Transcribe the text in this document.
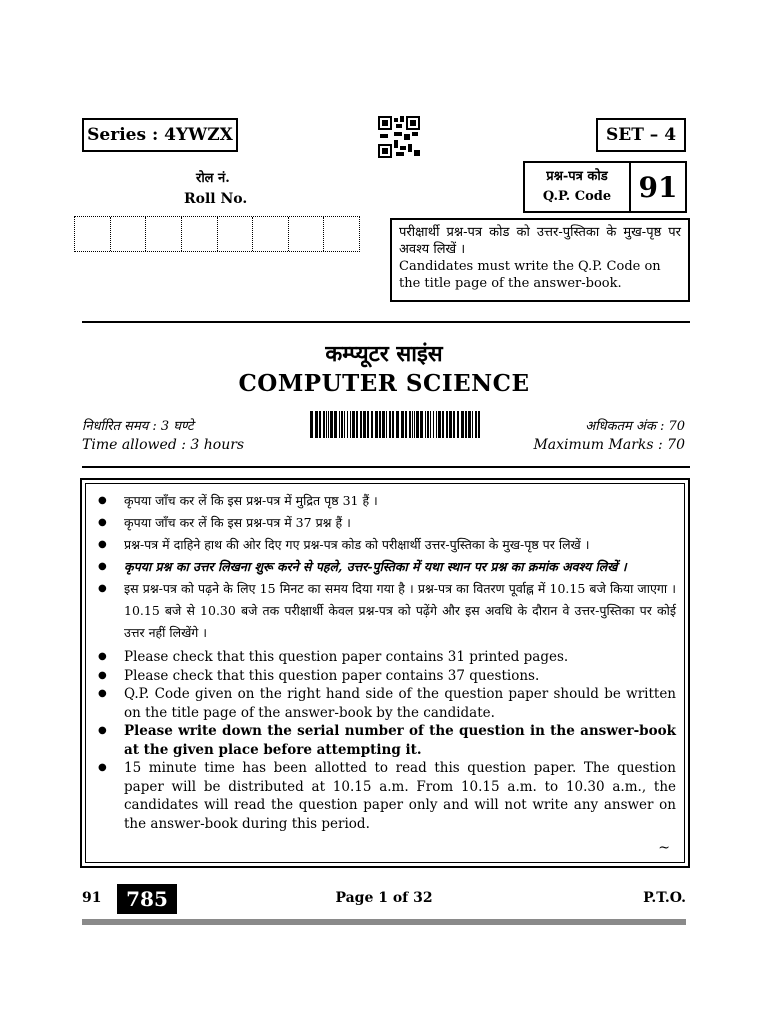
Series : 4YWZX	SET – 4
रोल नं.
Roll No.
प्रश्न-पत्र कोड
Q.P. Code 91
परीक्षार्थी प्रश्न-पत्र कोड को उत्तर-पुस्तिका के मुख-पृष्ठ पर अवश्य लिखें ।
Candidates must write the Q.P. Code on the title page of the answer-book.
कम्प्यूटर साइंस
COMPUTER SCIENCE
निर्धारित समय : 3 घण्टे
Time allowed : 3 hours
अधिकतम अंक : 70
Maximum Marks : 70
● कृपया जाँच कर लें कि इस प्रश्न-पत्र में मुद्रित पृष्ठ 31 हैं ।
● कृपया जाँच कर लें कि इस प्रश्न-पत्र में 37 प्रश्न हैं ।
● प्रश्न-पत्र में दाहिने हाथ की ओर दिए गए प्रश्न-पत्र कोड को परीक्षार्थी उत्तर-पुस्तिका के मुख-पृष्ठ पर लिखें ।
● कृपया प्रश्न का उत्तर लिखना शुरू करने से पहले, उत्तर-पुस्तिका में यथा स्थान पर प्रश्न का क्रमांक अवश्य लिखें ।
● इस प्रश्न-पत्र को पढ़ने के लिए 15 मिनट का समय दिया गया है । प्रश्न-पत्र का वितरण पूर्वाह्न में 10.15 बजे किया जाएगा । 10.15 बजे से 10.30 बजे तक परीक्षार्थी केवल प्रश्न-पत्र को पढ़ेंगे और इस अवधि के दौरान वे उत्तर-पुस्तिका पर कोई उत्तर नहीं लिखेंगे ।
● Please check that this question paper contains 31 printed pages.
● Please check that this question paper contains 37 questions.
● Q.P. Code given on the right hand side of the question paper should be written on the title page of the answer-book by the candidate.
● Please write down the serial number of the question in the answer-book at the given place before attempting it.
● 15 minute time has been allotted to read this question paper. The question paper will be distributed at 10.15 a.m. From 10.15 a.m. to 10.30 a.m., the candidates will read the question paper only and will not write any answer on the answer-book during this period.
~
91	785	Page 1 of 32	P.T.O.
